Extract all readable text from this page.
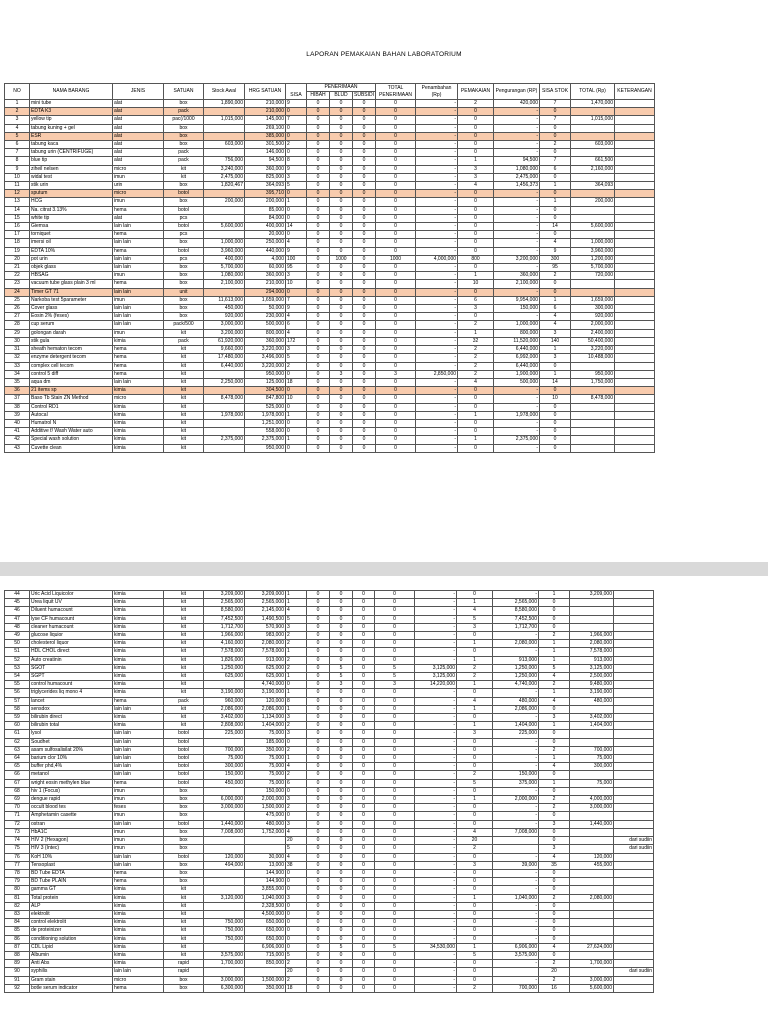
LAPORAN PEMAKAIAN BAHAN LABORATORIUM
NO	NAMA BARANG	JENIS	SATUAN	Stock Awal	HRG SATUAN	SISA	PENERIMAAN			TOTAL PENERIMAAN	Penambahan (Rp)	PEMAKAIAN	Pengurangan (RP)	SISA STOK	TOTAL (Rp)	KETERANGAN
							HIBAH	BLUD	SUBSIDI							
1	mini tube	alat	box	1,890,000	210,000	9	0	0	0	0	-	2	420,000	7	1,470,000	
2	EDTA K3	alat	pack		210,000	0	0	0	0	0	-	0	-	0		
3	yellow tip	alat	pac(/1000	1,015,000	145,000	7	0	0	0	0	-	0	-	7	1,015,000	
4	tabung kuning + gel	alat	box		269,100	0	0	0	0	0	-	0	-	0		
5	ESR	alat	box		385,000	0	0	0	0	0	-	0	-	0		
6	tabung kaca	alat	box	603,000	301,500	2	0	0	0	0	-	0	-	2	603,000	
7	tabung urin (CENTRIFUGE)	alat	pack		146,000	0	0	0	0	0	-	0	-	0		
8	blue tip	alat	pack	756,000	94,500	8	0	0	0	0	-	1	94,500	7	661,500	
9	ziheil nelsen	micro	kit	3,240,000	360,000	9	0	0	0	0	-	3	1,080,000	6	2,160,000	
10	widal test	imun	kit	2,475,000	825,000	3	0	0	0	0	-	3	2,475,000	0		
11	stik urin	urin	box	1,820,467	364,093	5	0	0	0	0	-	4	1,456,373	1	364,093	
12	sputum	micro	botol		395,710	0	0	0	0	0	-	0	-	0		
13	HCG	imun	box	200,000	200,000	1	0	0	0	0	-	0	-	1	200,000	
14	Na. citrat 3.13%	hema	botol		85,000	0	0	0	0	0	-	0	-	0		
15	white tip	alat	pcs		84,000	0	0	0	0	0	-	0	-	0		
16	Giemsa	lain lain	botol	5,600,000	400,000	14	0	0	0	0	-	0	-	14	5,600,000	
17	torniquet	hema	pcs		20,000	0	0	0	0	0	-	0	-	0		
18	imersi oil	lain lain	box	1,000,000	250,000	4	0	0	0	0	-	0	-	4	1,000,000	
19	EDTA 10%	hema	botol	3,960,000	440,000	9	0	0	0	0	-	0	-	9	3,960,000	
20	pot urin	lain lain	pcs	400,000	4,000	100	0	1000	0	1000	4,000,000	800	3,200,000	300	1,200,000	
21	objek glass	lain lain	box	5,700,000	60,000	95	0	0	0	0	-	0	-	95	5,700,000	
22	HBSAG	imun	box	1,080,000	360,000	3	0	0	0	0	-	1	360,000	2	720,000	
23	vacuum tube glass plain 3 ml	hema	box	2,100,000	210,000	10	0	0	0	0	-	10	2,100,000	0		
24	Timer GT 71	lain lain	unit		294,000	0	0	0	0	0	-	0	-	0		
25	Narkoba test 5parameter	imun	box	11,613,000	1,659,000	7	0	0	0	0	-	6	9,954,000	1	1,659,000	
26	Cover glass	lain lain	box	450,000	50,000	9	0	0	0	0	-	3	150,000	6	300,000	
27	Eosin 2% (feses)	lain lain	box	920,000	230,000	4	0	0	0	0	-	0	-	4	920,000	
28	cup serum	lain lain	pack/500	3,000,000	500,000	6	0	0	0	0	-	2	1,000,000	4	2,000,000	
29	golongan darah	imun	kit	3,200,000	800,000	4	0	0	0	0	-	1	800,000	3	2,400,000	
30	stik gula	kimia	pack	61,920,000	360,000	172	0	0	0	0	-	32	11,520,000	140	50,400,000	
31	sheath hematon tecom	hema	kit	9,660,000	3,220,000	3	0	0	0	0	-	2	6,440,000	1	3,220,000	
32	enzyme detergent tecom	hema	kit	17,480,000	3,496,000	5	0	0	0	0	-	2	6,992,000	3	10,488,000	
33	complex cell tecom	hema	kit	6,440,000	3,220,000	2	0	0	0	0	-	2	6,440,000	0		
34	control 5 diff	hema	kit		950,000	0	0	3	0	3	2,850,000	2	1,900,000	1	950,000	
35	aqua dm	lain lain	kit	2,250,000	125,000	18	0	0	0	0	-	4	500,000	14	1,750,000	
36	21 items sp	kimia	kit		304,500	0	0	0	0	0	-	0	-	0		
37	Baso Tb Stain ZN Method	micro	kit	8,478,000	847,800	10	0	0	0	0	-	0	-	10	8,478,000	
38	Control RD1	kimia	kit		525,000	0	0	0	0	0	-	0	-	0		
39	Autocal	kimia	kit	1,978,000	1,978,000	1	0	0	0	0	-	1	1,978,000	0		
40	Humatrol N	kimia	kit		1,251,000	0	0	0	0	0	-	0	-	0		
41	Additive f/ Wash Water auto	kimia	kit		558,000	0	0	0	0	0	-	0	-	0		
42	Special wash solution	kimia	kit	2,375,000	2,375,000	1	0	0	0	0	-	1	2,375,000	0		
43	Cuvette clean	kimia	kit		950,000	0	0	0	0	0	-	0	-	0		
44	Uric Acid Liquicolor	kimia	kit	3,209,000	3,209,000	1	0	0	0	0	-	0	-	1	3,209,000	
45	Urea liquit UV	kimia	kit	2,565,000	2,565,000	1	0	0	0	0	-	1	2,565,000	0		
46	Diluent humacount	kimia	kit	8,580,000	2,145,000	4	0	0	0	0	-	4	8,580,000	0		
47	lyse CF humacount	kimia	kit	7,452,500	1,490,500	5	0	0	0	0	-	5	7,452,500	0		
48	cleaner humacount	kimia	kit	1,712,700	570,900	3	0	0	0	0	-	3	1,712,700	0		
49	glucose liquior	kimia	kit	1,966,000	983,000	2	0	0	0	0	-	0	-	2	1,966,000	
50	cholesterol liquor	kimia	kit	4,160,000	2,080,000	2	0	0	0	0	-	1	2,080,000	1	2,080,000	
51	HDL CHOL direct	kimia	kit	7,578,000	7,578,000	1	0	0	0	0	-	0	-	1	7,578,000	
52	Auto creatinin	kimia	kit	1,826,000	913,000	2	0	0	0	0	-	1	913,000	1	913,000	
53	SGOT	kimia	kit	1,250,000	625,000	2	0	5	0	5	3,125,000	2	1,250,000	5	3,125,000	
54	SGPT	kimia	kit	625,000	625,000	1	0	5	0	5	3,125,000	2	1,250,000	4	2,500,000	
55	control humacount	kimia	kit		4,740,000	0	0	3	0	3	14,220,000	1	4,740,000	2	9,480,000	
56	triglycerides liq mono 4	kimia	kit	3,190,000	3,190,000	1	0	0	0	0	-	0	-	1	3,190,000	
57	lancet	hema	pack	960,000	120,000	8	0	0	0	0	-	4	480,000	4	480,000	
58	sensdox	lain lain	kit	2,086,000	2,086,000	1	0	0	0	0	-	1	2,086,000	0		
59	bilirubin direct	kimia	kit	3,402,000	1,134,000	3	0	0	0	0	-	0	-	3	3,402,000	
60	bilirubin total	kimia	kit	2,808,000	1,404,000	2	0	0	0	0	-	1	1,404,000	1	1,404,000	
61	lysol	lain lain	botol	225,000	75,000	3	0	0	0	0	-	3	225,000	0		
62	Soudhet	lain lain	botol		185,000	0	0	0	0	0	-	0	-	0		
63	asam sulfosalisilat 20%	lain lain	botol	700,000	350,000	2	0	0	0	0	-	0	-	2	700,000	
64	barium clor 10%	lain lain	botol	75,000	75,000	1	0	0	0	0	-	0	-	1	75,000	
65	buffer phd,4%	lain lain	botol	300,000	75,000	4	0	0	0	0	-	0	-	4	300,000	
66	metanol	lain lain	botol	150,000	75,000	2	0	0	0	0	-	2	150,000	0		
67	wright eosin methylen blue	hema	botol	450,000	75,000	6	0	0	0	0	-	5	375,000	1	75,000	
68	hiv 1 (Focus)	imun	box		150,000	0	0	0	0	0	-	0	-	0		
69	dengue rapid	imun	box	6,000,000	2,000,000	3	0	0	0	0	-	1	2,000,000	2	4,000,000	
70	occult blood tes	feses	box	3,000,000	1,500,000	2	0	0	0	0	-	0	-	2	3,000,000	
71	Amphetamin casette	imun	box		475,000	0	0	0	0	0	-	0	-	0		
72	ostran	lain lain	botol	1,440,000	480,000	3	0	0	0	0	-	0	-	3	1,440,000	
73	HbA1C	imun	box	7,008,000	1,752,000	4	0	0	0	0	-	4	7,008,000	0		
74	HIV 2 (Hexagon)	imun	box			20	0	0	0	0	-	20		0		dari sudiin
75	HIV 3 (Intec)	imun	box			5	0	0	0	0	-	2		3		dari sudiin
76	KoH 10%	lain lain	botol	120,000	30,000	4	0	0	0	0	-	0	-	4	120,000	
77	Tensoplast	lain lain	box	494,000	13,000	38	0	0	0	0	-	3	39,000	35	455,000	
78	BD Tube EDTA	hema	box		144,900	0	0	0	0	0	-	0	-	0		
79	BD Tube PLAIN	hema	box		144,900	0	0	0	0	0	-	0	-	0		
80	gamma GT	kimia	kit		3,855,000	0	0	0	0	0	-	0	-	0		
81	Total protein	kimia	kit	3,120,000	1,040,000	3	0	0	0	0	-	1	1,040,000	2	2,080,000	
82	ALP	kimia	kit		2,328,500	0	0	0	0	0	-	0	-	0		
83	elektrolit	kimia	kit		4,500,000	0	0	0	0	0	-	0	-	0		
84	control elektrolit	kimia	kit	750,000	650,000	0	0	0	0	0	-	0	-	0		
85	de proteinizer	kimia	kit	750,000	650,000	0	0	0	0	0	-	0	-	0		
86	conditioning solution	kimia	kit	750,000	650,000	0	0	0	0	0	-	0	-	0		
87	CDL Lipid	kimia	kit		6,906,000	0	0	5	0	5	34,530,000	1	6,906,000	4	27,624,000	
88	Albumin	kimia	kit	3,575,000	715,000	5	0	0	0	0	-	5	3,575,000	0		
89	Anti Abs	kimia	rapid	1,700,000	850,000	2	0	0	0	0	-	0	-	2	1,700,000	
90	syphilis	lain lain	rapid			20	0	0	0	0	-	0		20		dari sudiin
91	Gram stain	micro	box	3,000,000	1,500,000	2	0	0	0	0	-	0	-	2	3,000,000	
92	botle serum indicator	hema	box	6,300,000	350,000	18	0	0	0	0	-	2	700,000	16	5,600,000	
